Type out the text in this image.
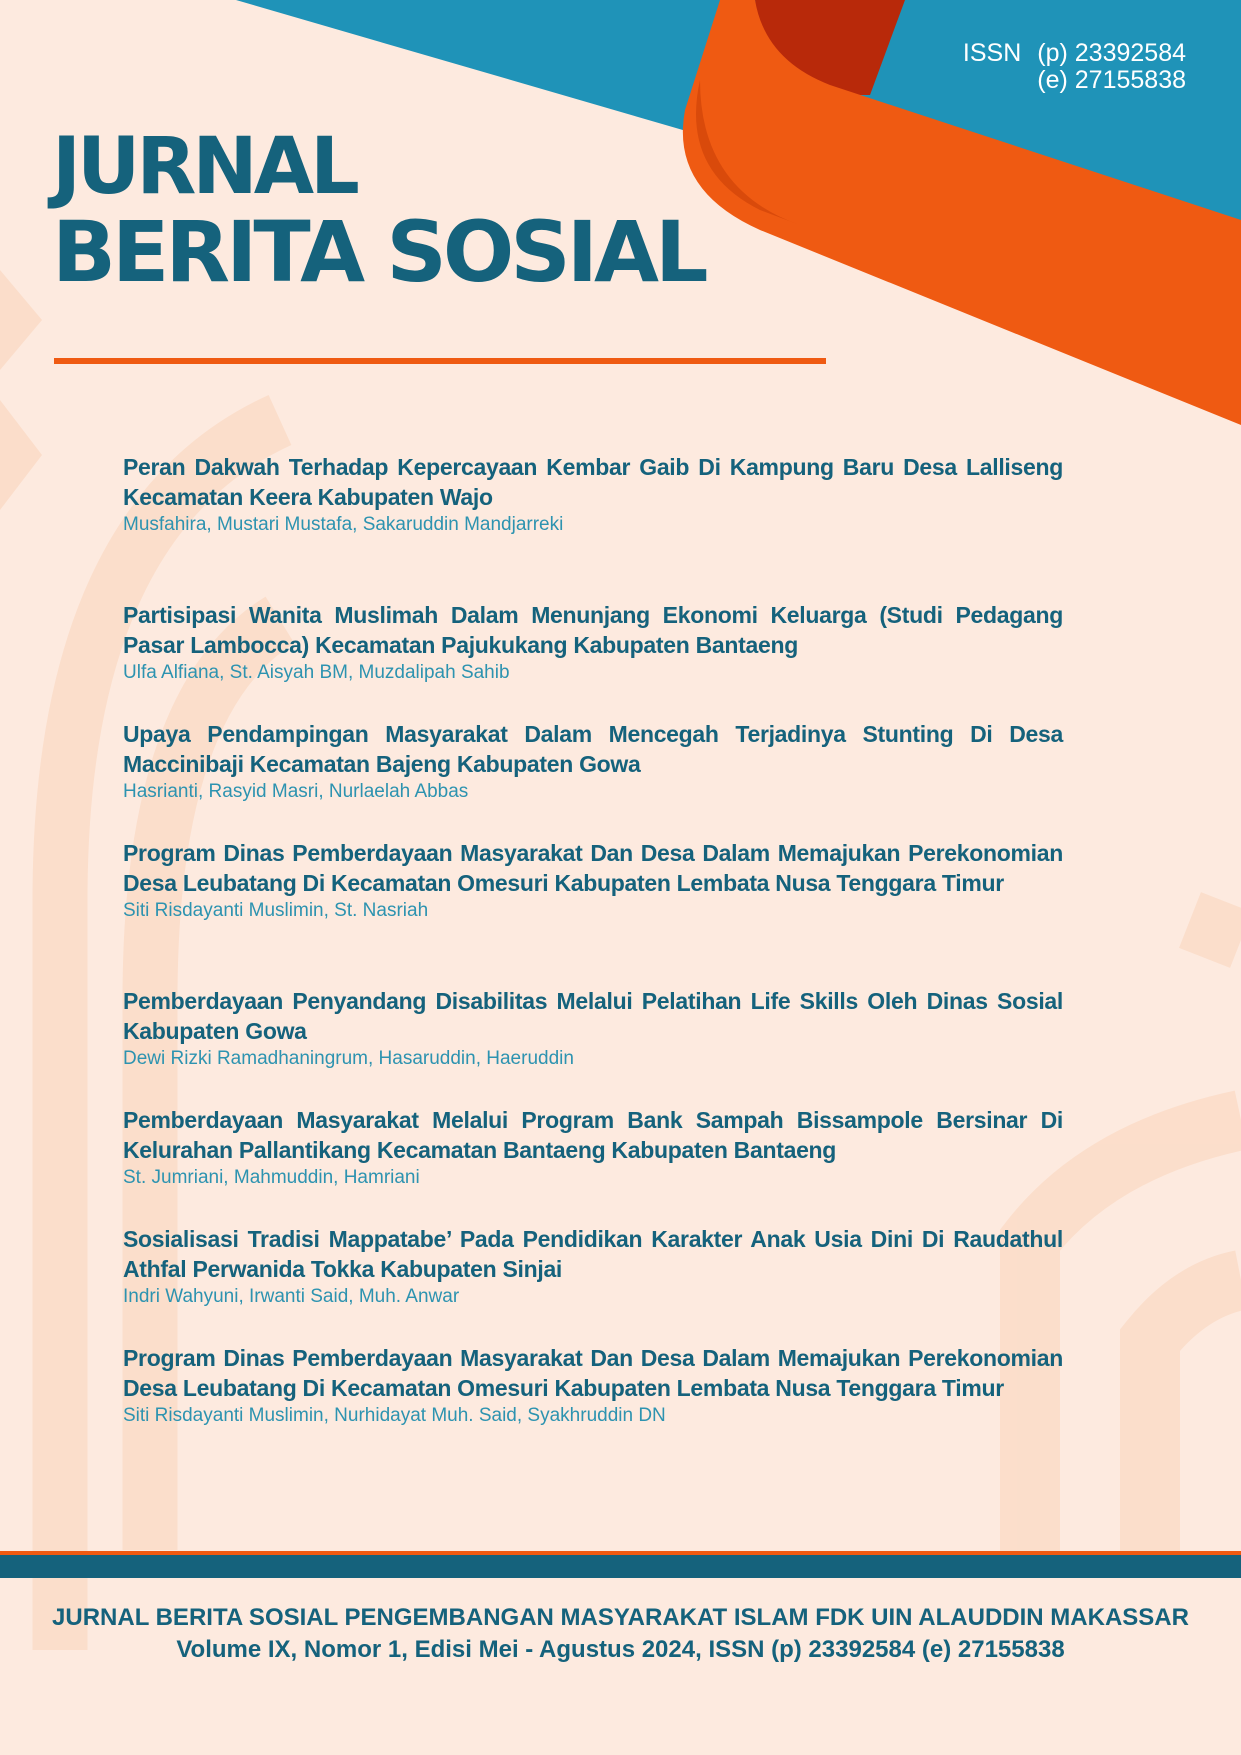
ISSN (p) 23392584
(e) 27155838
JURNAL
BERITA SOSIAL
Peran Dakwah Terhadap Kepercayaan Kembar Gaib Di Kampung Baru Desa Lalliseng Kecamatan Keera Kabupaten Wajo
Musfahira, Mustari Mustafa, Sakaruddin Mandjarreki
Partisipasi Wanita Muslimah Dalam Menunjang Ekonomi Keluarga (Studi Pedagang Pasar Lambocca) Kecamatan Pajukukang Kabupaten Bantaeng
Ulfa Alfiana, St. Aisyah BM, Muzdalipah Sahib
Upaya Pendampingan Masyarakat Dalam Mencegah Terjadinya Stunting Di Desa Maccinibaji Kecamatan Bajeng Kabupaten Gowa
Hasrianti, Rasyid Masri, Nurlaelah Abbas
Program Dinas Pemberdayaan Masyarakat Dan Desa Dalam Memajukan Perekonomian Desa Leubatang Di Kecamatan Omesuri Kabupaten Lembata Nusa Tenggara Timur
Siti Risdayanti Muslimin, St. Nasriah
Pemberdayaan Penyandang Disabilitas Melalui Pelatihan Life Skills Oleh Dinas Sosial Kabupaten Gowa
Dewi Rizki Ramadhaningrum, Hasaruddin, Haeruddin
Pemberdayaan Masyarakat Melalui Program Bank Sampah Bissampole Bersinar Di Kelurahan Pallantikang Kecamatan Bantaeng Kabupaten Bantaeng
St. Jumriani, Mahmuddin, Hamriani
Sosialisasi Tradisi Mappatabe’ Pada Pendidikan Karakter Anak Usia Dini Di Raudathul Athfal Perwanida Tokka Kabupaten Sinjai
Indri Wahyuni, Irwanti Said, Muh. Anwar
Program Dinas Pemberdayaan Masyarakat Dan Desa Dalam Memajukan Perekonomian Desa Leubatang Di Kecamatan Omesuri Kabupaten Lembata Nusa Tenggara Timur
Siti Risdayanti Muslimin, Nurhidayat Muh. Said, Syakhruddin DN
JURNAL BERITA SOSIAL PENGEMBANGAN MASYARAKAT ISLAM FDK UIN ALAUDDIN MAKASSAR
Volume IX, Nomor 1, Edisi Mei - Agustus 2024, ISSN (p) 23392584 (e) 27155838
